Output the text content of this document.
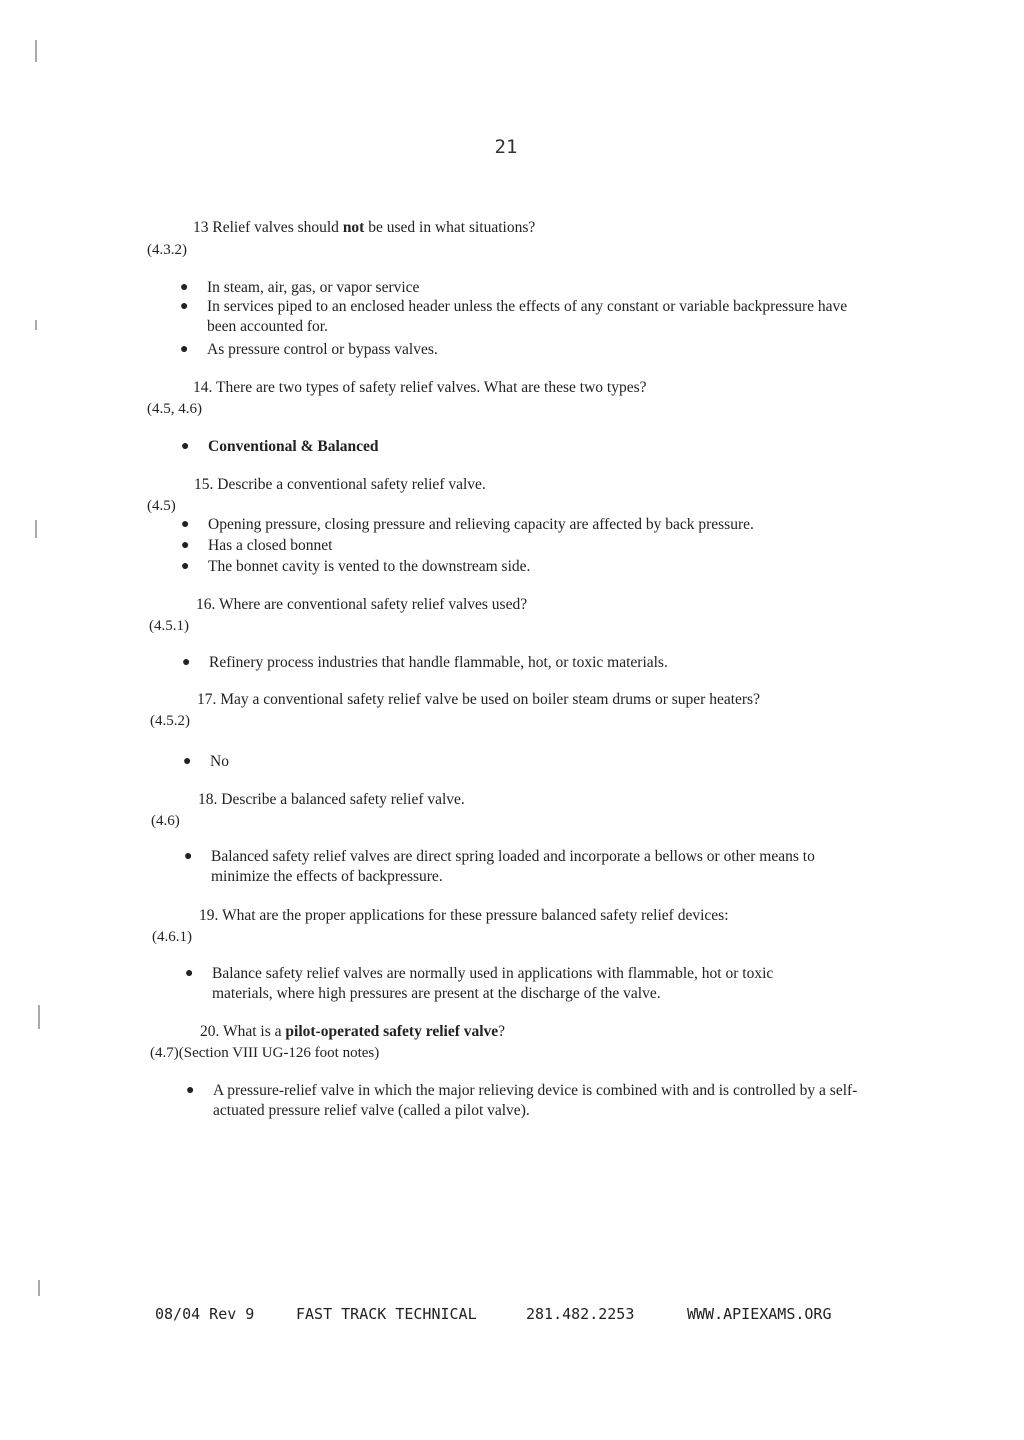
21
13 Relief valves should not be used in what situations?
(4.3.2)
● In steam, air, gas, or vapor service
● In services piped to an enclosed header unless the effects of any constant or variable backpressure have been accounted for.
● As pressure control or bypass valves.
14. There are two types of safety relief valves. What are these two types?
(4.5, 4.6)
● Conventional & Balanced
15. Describe a conventional safety relief valve.
(4.5)
● Opening pressure, closing pressure and relieving capacity are affected by back pressure.
● Has a closed bonnet
● The bonnet cavity is vented to the downstream side.
16. Where are conventional safety relief valves used?
(4.5.1)
● Refinery process industries that handle flammable, hot, or toxic materials.
17. May a conventional safety relief valve be used on boiler steam drums or super heaters?
(4.5.2)
● No
18. Describe a balanced safety relief valve.
(4.6)
● Balanced safety relief valves are direct spring loaded and incorporate a bellows or other means to minimize the effects of backpressure.
19. What are the proper applications for these pressure balanced safety relief devices:
(4.6.1)
● Balance safety relief valves are normally used in applications with flammable, hot or toxic materials, where high pressures are present at the discharge of the valve.
20. What is a pilot-operated safety relief valve?
(4.7)(Section VIII UG-126 foot notes)
● A pressure-relief valve in which the major relieving device is combined with and is controlled by a self-actuated pressure relief valve (called a pilot valve).
08/04 Rev 9	FAST TRACK TECHNICAL	281.482.2253	WWW.APIEXAMS.ORG
